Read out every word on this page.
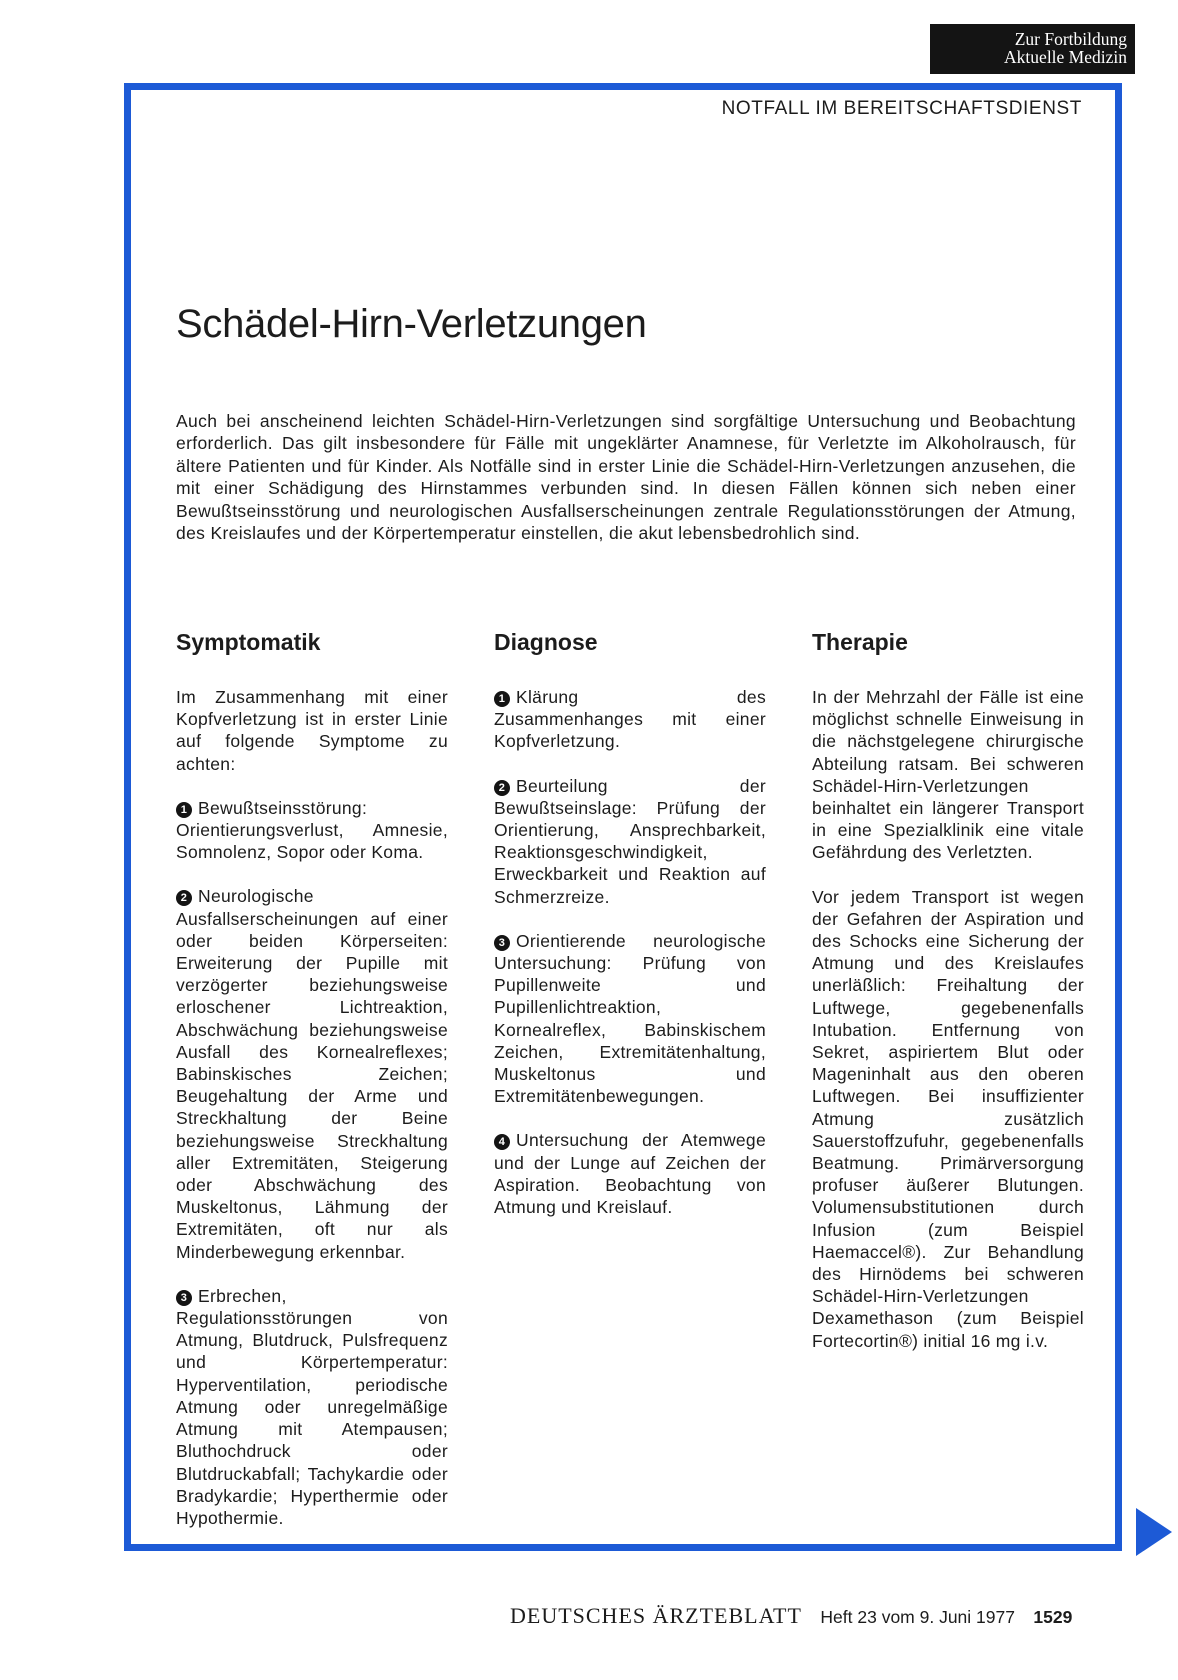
Zur Fortbildung
Aktuelle Medizin
NOTFALL IM BEREITSCHAFTSDIENST
Schädel-Hirn-Verletzungen

Auch bei anscheinend leichten Schädel-Hirn-Verletzungen sind sorgfältige Untersuchung und Beobachtung erforderlich. Das gilt insbesondere für Fälle mit ungeklärter Anamnese, für Verletzte im Alkoholrausch, für ältere Patienten und für Kinder. Als Notfälle sind in erster Linie die Schädel-Hirn-Verletzungen anzusehen, die mit einer Schädigung des Hirnstammes verbunden sind. In diesen Fällen können sich neben einer Bewußtseinsstörung und neurologischen Ausfallserscheinungen zentrale Regulationsstörungen der Atmung, des Kreislaufes und der Körpertemperatur einstellen, die akut lebensbedrohlich sind.

Symptomatik

Im Zusammenhang mit einer Kopfverletzung ist in erster Linie auf folgende Symptome zu achten:

1 Bewußtseinsstörung: Orientierungsverlust, Amnesie, Somnolenz, Sopor oder Koma.

2 Neurologische Ausfallserscheinungen auf einer oder beiden Körperseiten: Erweiterung der Pupille mit verzögerter beziehungsweise erloschener Lichtreaktion, Abschwächung beziehungsweise Ausfall des Kornealreflexes; Babinskisches Zeichen; Beugehaltung der Arme und Streckhaltung der Beine beziehungsweise Streckhaltung aller Extremitäten, Steigerung oder Abschwächung des Muskeltonus, Lähmung der Extremitäten, oft nur als Minderbewegung erkennbar.

3 Erbrechen, Regulationsstörungen von Atmung, Blutdruck, Pulsfrequenz und Körpertemperatur: Hyperventilation, periodische Atmung oder unregelmäßige Atmung mit Atempausen; Bluthochdruck oder Blutdruckabfall; Tachykardie oder Bradykardie; Hyperthermie oder Hypothermie.

Diagnose

1 Klärung des Zusammenhanges mit einer Kopfverletzung.

2 Beurteilung der Bewußtseinslage: Prüfung der Orientierung, Ansprechbarkeit, Reaktionsgeschwindigkeit, Erweckbarkeit und Reaktion auf Schmerzreize.

3 Orientierende neurologische Untersuchung: Prüfung von Pupillenweite und Pupillenlichtreaktion, Kornealreflex, Babinskischem Zeichen, Extremitätenhaltung, Muskeltonus und Extremitätenbewegungen.

4 Untersuchung der Atemwege und der Lunge auf Zeichen der Aspiration. Beobachtung von Atmung und Kreislauf.

Therapie

In der Mehrzahl der Fälle ist eine möglichst schnelle Einweisung in die nächstgelegene chirurgische Abteilung ratsam. Bei schweren Schädel-Hirn-Verletzungen beinhaltet ein längerer Transport in eine Spezialklinik eine vitale Gefährdung des Verletzten.

Vor jedem Transport ist wegen der Gefahren der Aspiration und des Schocks eine Sicherung der Atmung und des Kreislaufes unerläßlich: Freihaltung der Luftwege, gegebenenfalls Intubation. Entfernung von Sekret, aspiriertem Blut oder Mageninhalt aus den oberen Luftwegen. Bei insuffizienter Atmung zusätzlich Sauerstoffzufuhr, gegebenenfalls Beatmung. Primärversorgung profuser äußerer Blutungen. Volumensubstitutionen durch Infusion (zum Beispiel Haemaccel®). Zur Behandlung des Hirnödems bei schweren Schädel-Hirn-Verletzungen Dexamethason (zum Beispiel Fortecortin®) initial 16 mg i.v.

DEUTSCHES ÄRZTEBLATT Heft 23 vom 9. Juni 1977 1529
